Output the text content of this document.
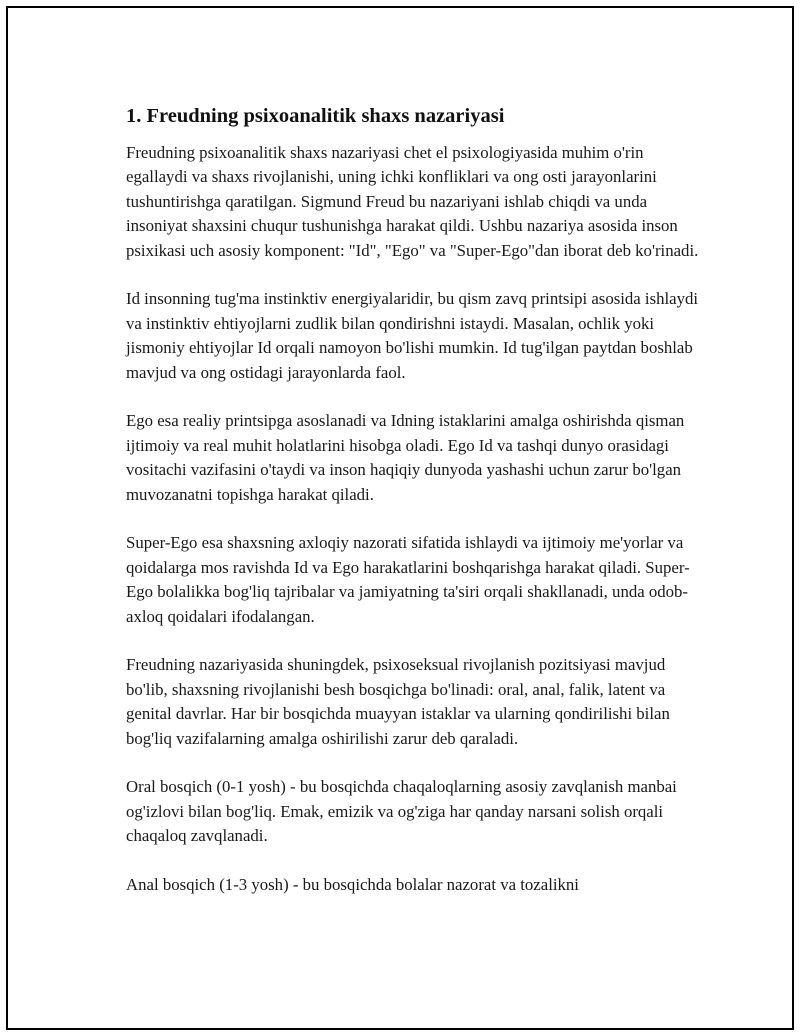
1. Freudning psixoanalitik shaxs nazariyasi

Freudning psixoanalitik shaxs nazariyasi chet el psixologiyasida muhim o'rin egallaydi va shaxs rivojlanishi, uning ichki konfliklari va ong osti jarayonlarini tushuntirishga qaratilgan. Sigmund Freud bu nazariyani ishlab chiqdi va unda insoniyat shaxsini chuqur tushunishga harakat qildi. Ushbu nazariya asosida inson psixikasi uch asosiy komponent: "Id", "Ego" va "Super-Ego"dan iborat deb ko'rinadi.

Id insonning tug'ma instinktiv energiyalaridir, bu qism zavq printsipi asosida ishlaydi va instinktiv ehtiyojlarni zudlik bilan qondirishni istaydi. Masalan, ochlik yoki jismoniy ehtiyojlar Id orqali namoyon bo'lishi mumkin. Id tug'ilgan paytdan boshlab mavjud va ong ostidagi jarayonlarda faol.

Ego esa realiy printsipga asoslanadi va Idning istaklarini amalga oshirishda qisman ijtimoiy va real muhit holatlarini hisobga oladi. Ego Id va tashqi dunyo orasidagi vositachi vazifasini o'taydi va inson haqiqiy dunyoda yashashi uchun zarur bo'lgan muvozanatni topishga harakat qiladi.

Super-Ego esa shaxsning axloqiy nazorati sifatida ishlaydi va ijtimoiy me'yorlar va qoidalarga mos ravishda Id va Ego harakatlarini boshqarishga harakat qiladi. Super-Ego bolalikka bog'liq tajribalar va jamiyatning ta'siri orqali shakllanadi, unda odob-axloq qoidalari ifodalangan.

Freudning nazariyasida shuningdek, psixoseksual rivojlanish pozitsiyasi mavjud bo'lib, shaxsning rivojlanishi besh bosqichga bo'linadi: oral, anal, falik, latent va genital davrlar. Har bir bosqichda muayyan istaklar va ularning qondirilishi bilan bog'liq vazifalarning amalga oshirilishi zarur deb qaraladi.

Oral bosqich (0-1 yosh) - bu bosqichda chaqaloqlarning asosiy zavqlanish manbai og'izlovi bilan bog'liq. Emak, emizik va og'ziga har qanday narsani solish orqali chaqaloq zavqlanadi.

Anal bosqich (1-3 yosh) - bu bosqichda bolalar nazorat va tozalikni
